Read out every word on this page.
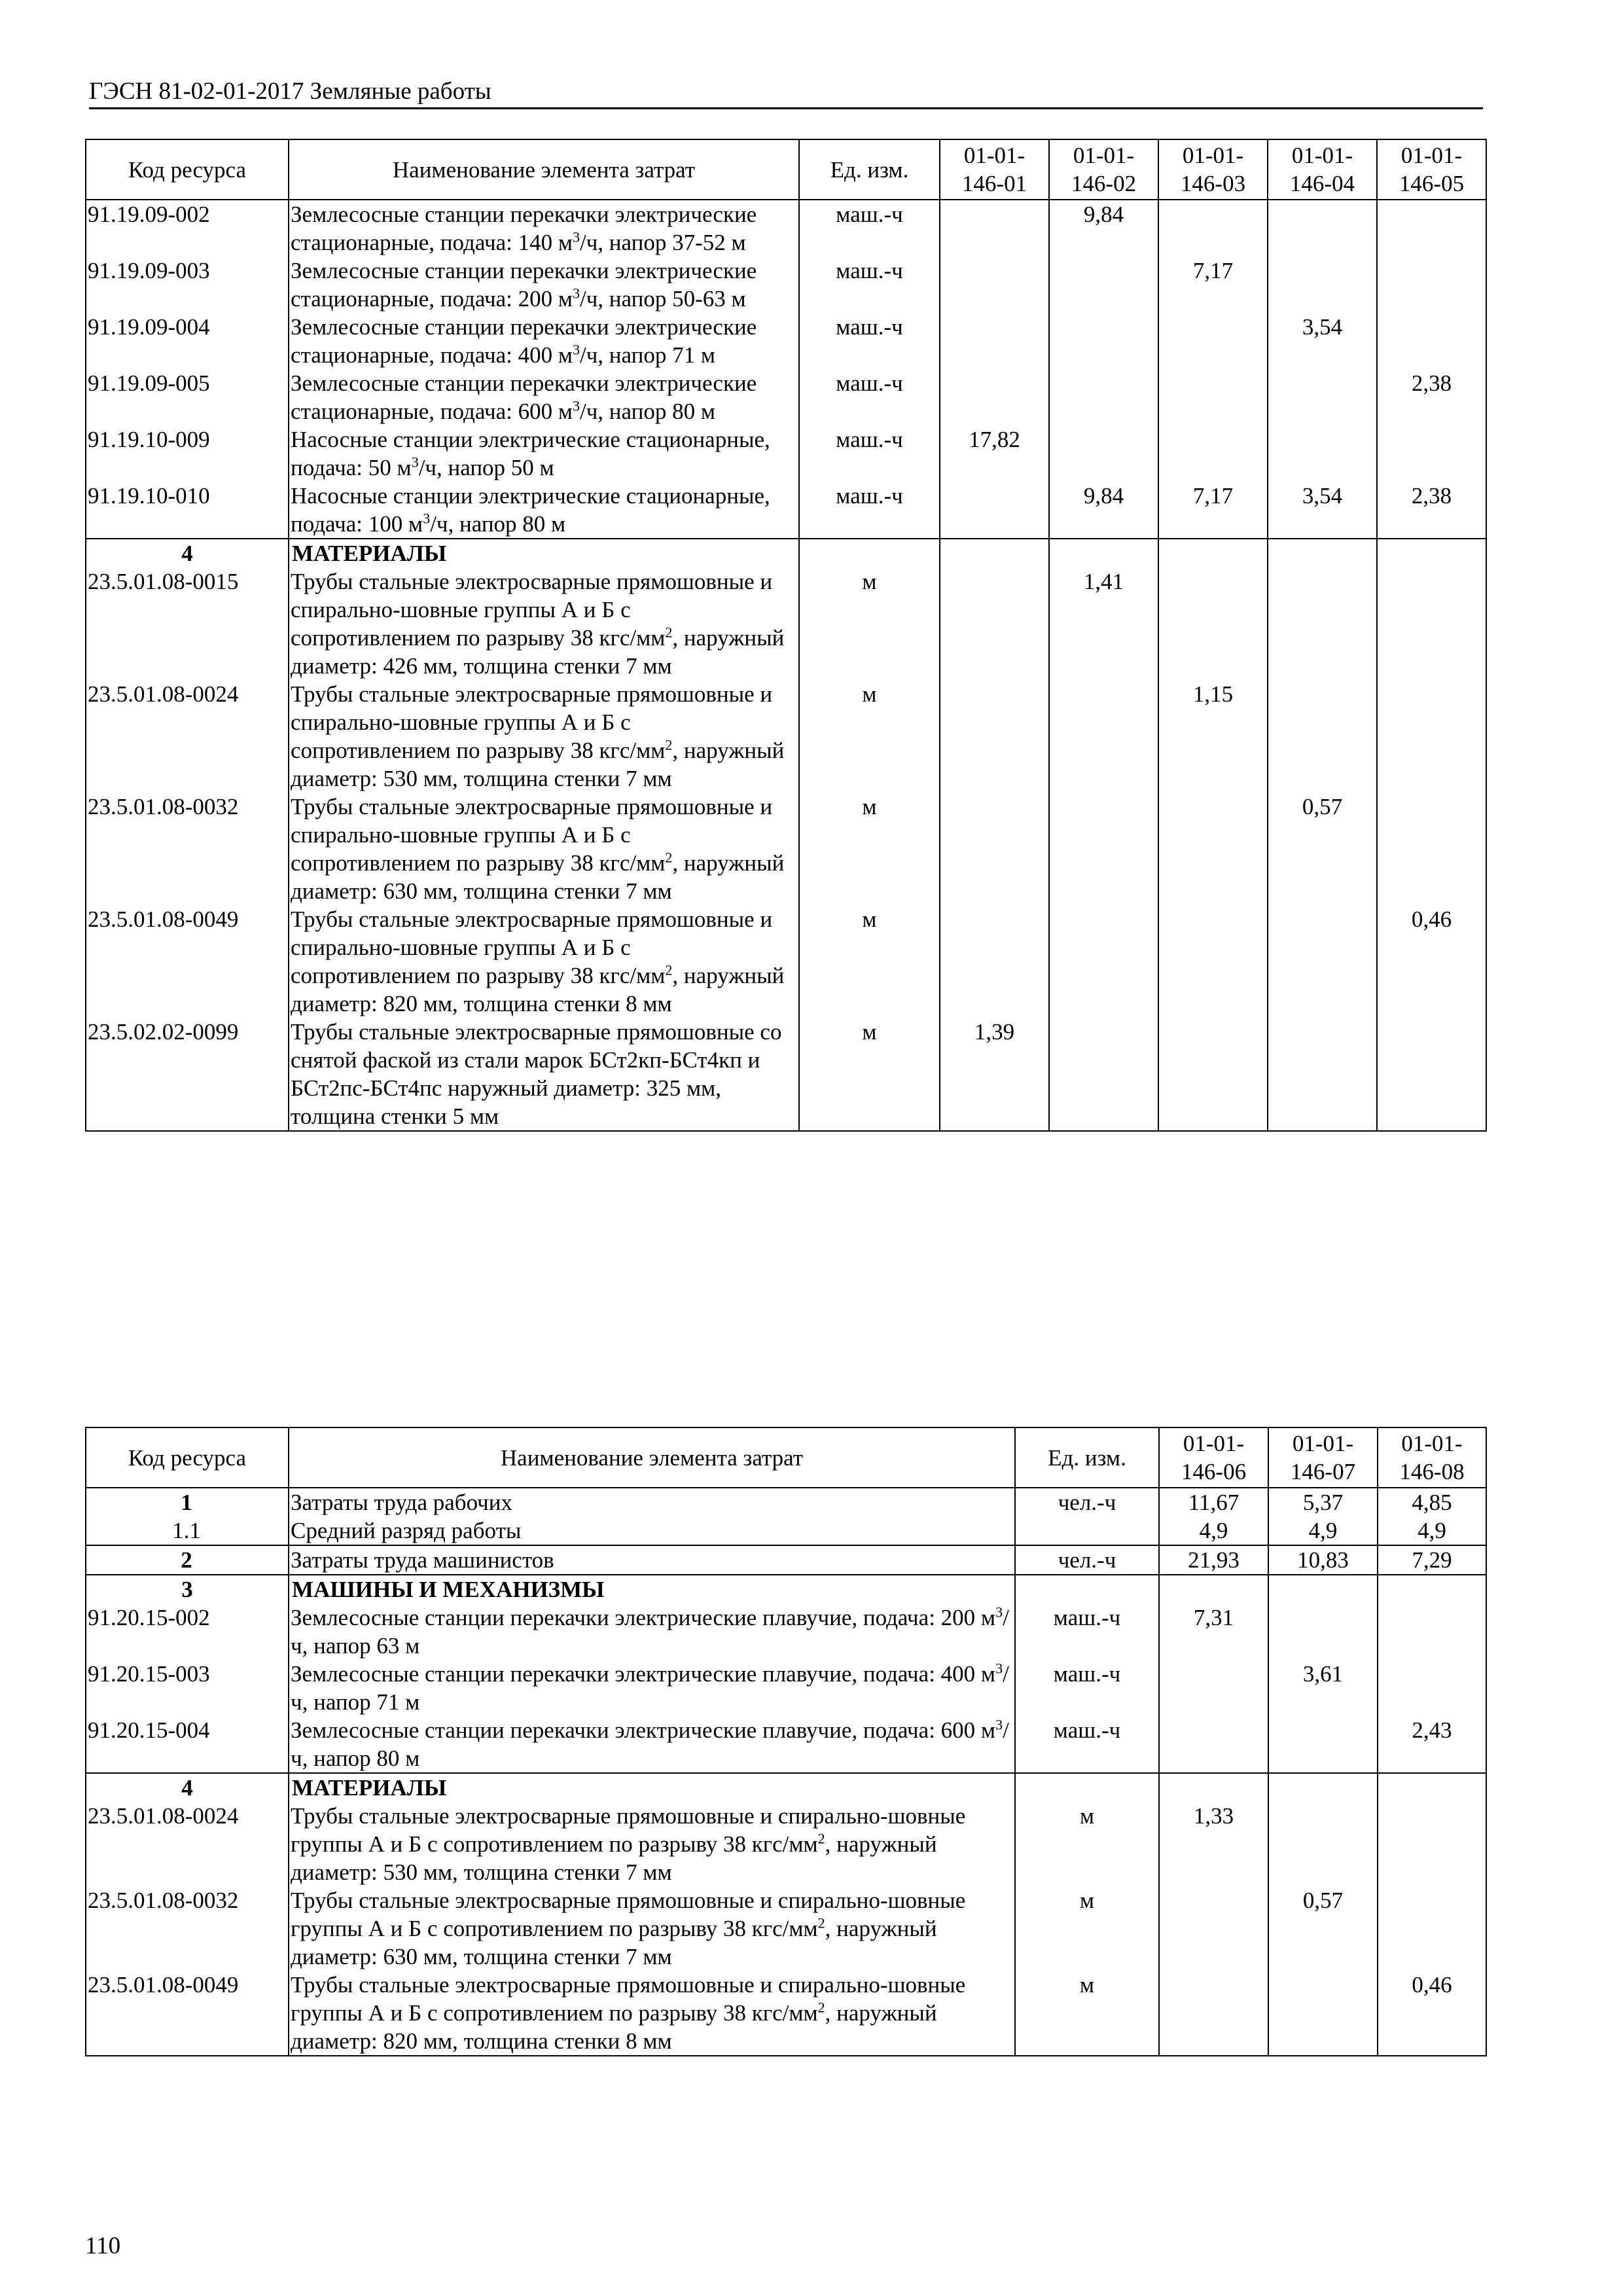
ГЭСН 81-02-01-2017 Земляные работы
Код ресурса	Наименование элемента затрат	Ед. изм.	01-01-
146-01	01-01-
146-02	01-01-
146-03	01-01-
146-04	01-01-
146-05
91.19.09-002	Землесосные станции перекачки электрические стационарные, подача: 140 $м^3/ч$, напор 37-52 м	маш.-ч		9,84			
91.19.09-003	Землесосные станции перекачки электрические стационарные, подача: 200 $м^3/ч$, напор 50-63 м	маш.-ч			7,17		
91.19.09-004	Землесосные станции перекачки электрические стационарные, подача: 400 $м^3/ч$, напор 71 м	маш.-ч				3,54	
91.19.09-005	Землесосные станции перекачки электрические стационарные, подача: 600 $м^3/ч$, напор 80 м	маш.-ч					2,38
91.19.10-009	Насосные станции электрические стационарные, подача: 50 $м^3/ч$, напор 50 м	маш.-ч	17,82				
91.19.10-010	Насосные станции электрические стационарные, подача: 100 $м^3/ч$, напор 80 м	маш.-ч		9,84	7,17	3,54	2,38
4	МАТЕРИАЛЫ						
23.5.01.08-0015	Трубы стальные электросварные прямошовные и спирально-шовные группы А и Б с сопротивлением по разрыву 38 кгс/$мм^2$, наружный диаметр: 426 мм, толщина стенки 7 мм	м		1,41			
23.5.01.08-0024	Трубы стальные электросварные прямошовные и спирально-шовные группы А и Б с сопротивлением по разрыву 38 кгс/$мм^2$, наружный диаметр: 530 мм, толщина стенки 7 мм	м			1,15		
23.5.01.08-0032	Трубы стальные электросварные прямошовные и спирально-шовные группы А и Б с сопротивлением по разрыву 38 кгс/$мм^2$, наружный диаметр: 630 мм, толщина стенки 7 мм	м				0,57	
23.5.01.08-0049	Трубы стальные электросварные прямошовные и спирально-шовные группы А и Б с сопротивлением по разрыву 38 кгс/$мм^2$, наружный диаметр: 820 мм, толщина стенки 8 мм	м					0,46
23.5.02.02-0099	Трубы стальные электросварные прямошовные со снятой фаской из стали марок БСт2кп-БСт4кп и БСт2пс-БСт4пс наружный диаметр: 325 мм, толщина стенки 5 мм	м	1,39				
Код ресурса	Наименование элемента затрат	Ед. изм.	01-01-
146-06	01-01-
146-07	01-01-
146-08
1	Затраты труда рабочих	чел.-ч	11,67	5,37	4,85
1.1	Средний разряд работы		4,9	4,9	4,9
2	Затраты труда машинистов	чел.-ч	21,93	10,83	7,29
3	МАШИНЫ И МЕХАНИЗМЫ				
91.20.15-002	Землесосные станции перекачки электрические плавучие, подача: 200 $м^3/ч$, напор 63 м	маш.-ч	7,31		
91.20.15-003	Землесосные станции перекачки электрические плавучие, подача: 400 $м^3/ч$, напор 71 м	маш.-ч		3,61	
91.20.15-004	Землесосные станции перекачки электрические плавучие, подача: 600 $м^3/ч$, напор 80 м	маш.-ч			2,43
4	МАТЕРИАЛЫ				
23.5.01.08-0024	Трубы стальные электросварные прямошовные и спирально-шовные группы А и Б с сопротивлением по разрыву 38 кгс/$мм^2$, наружный диаметр: 530 мм, толщина стенки 7 мм	м	1,33		
23.5.01.08-0032	Трубы стальные электросварные прямошовные и спирально-шовные группы А и Б с сопротивлением по разрыву 38 кгс/$мм^2$, наружный диаметр: 630 мм, толщина стенки 7 мм	м		0,57	
23.5.01.08-0049	Трубы стальные электросварные прямошовные и спирально-шовные группы А и Б с сопротивлением по разрыву 38 кгс/$мм^2$, наружный диаметр: 820 мм, толщина стенки 8 мм	м			0,46
110
